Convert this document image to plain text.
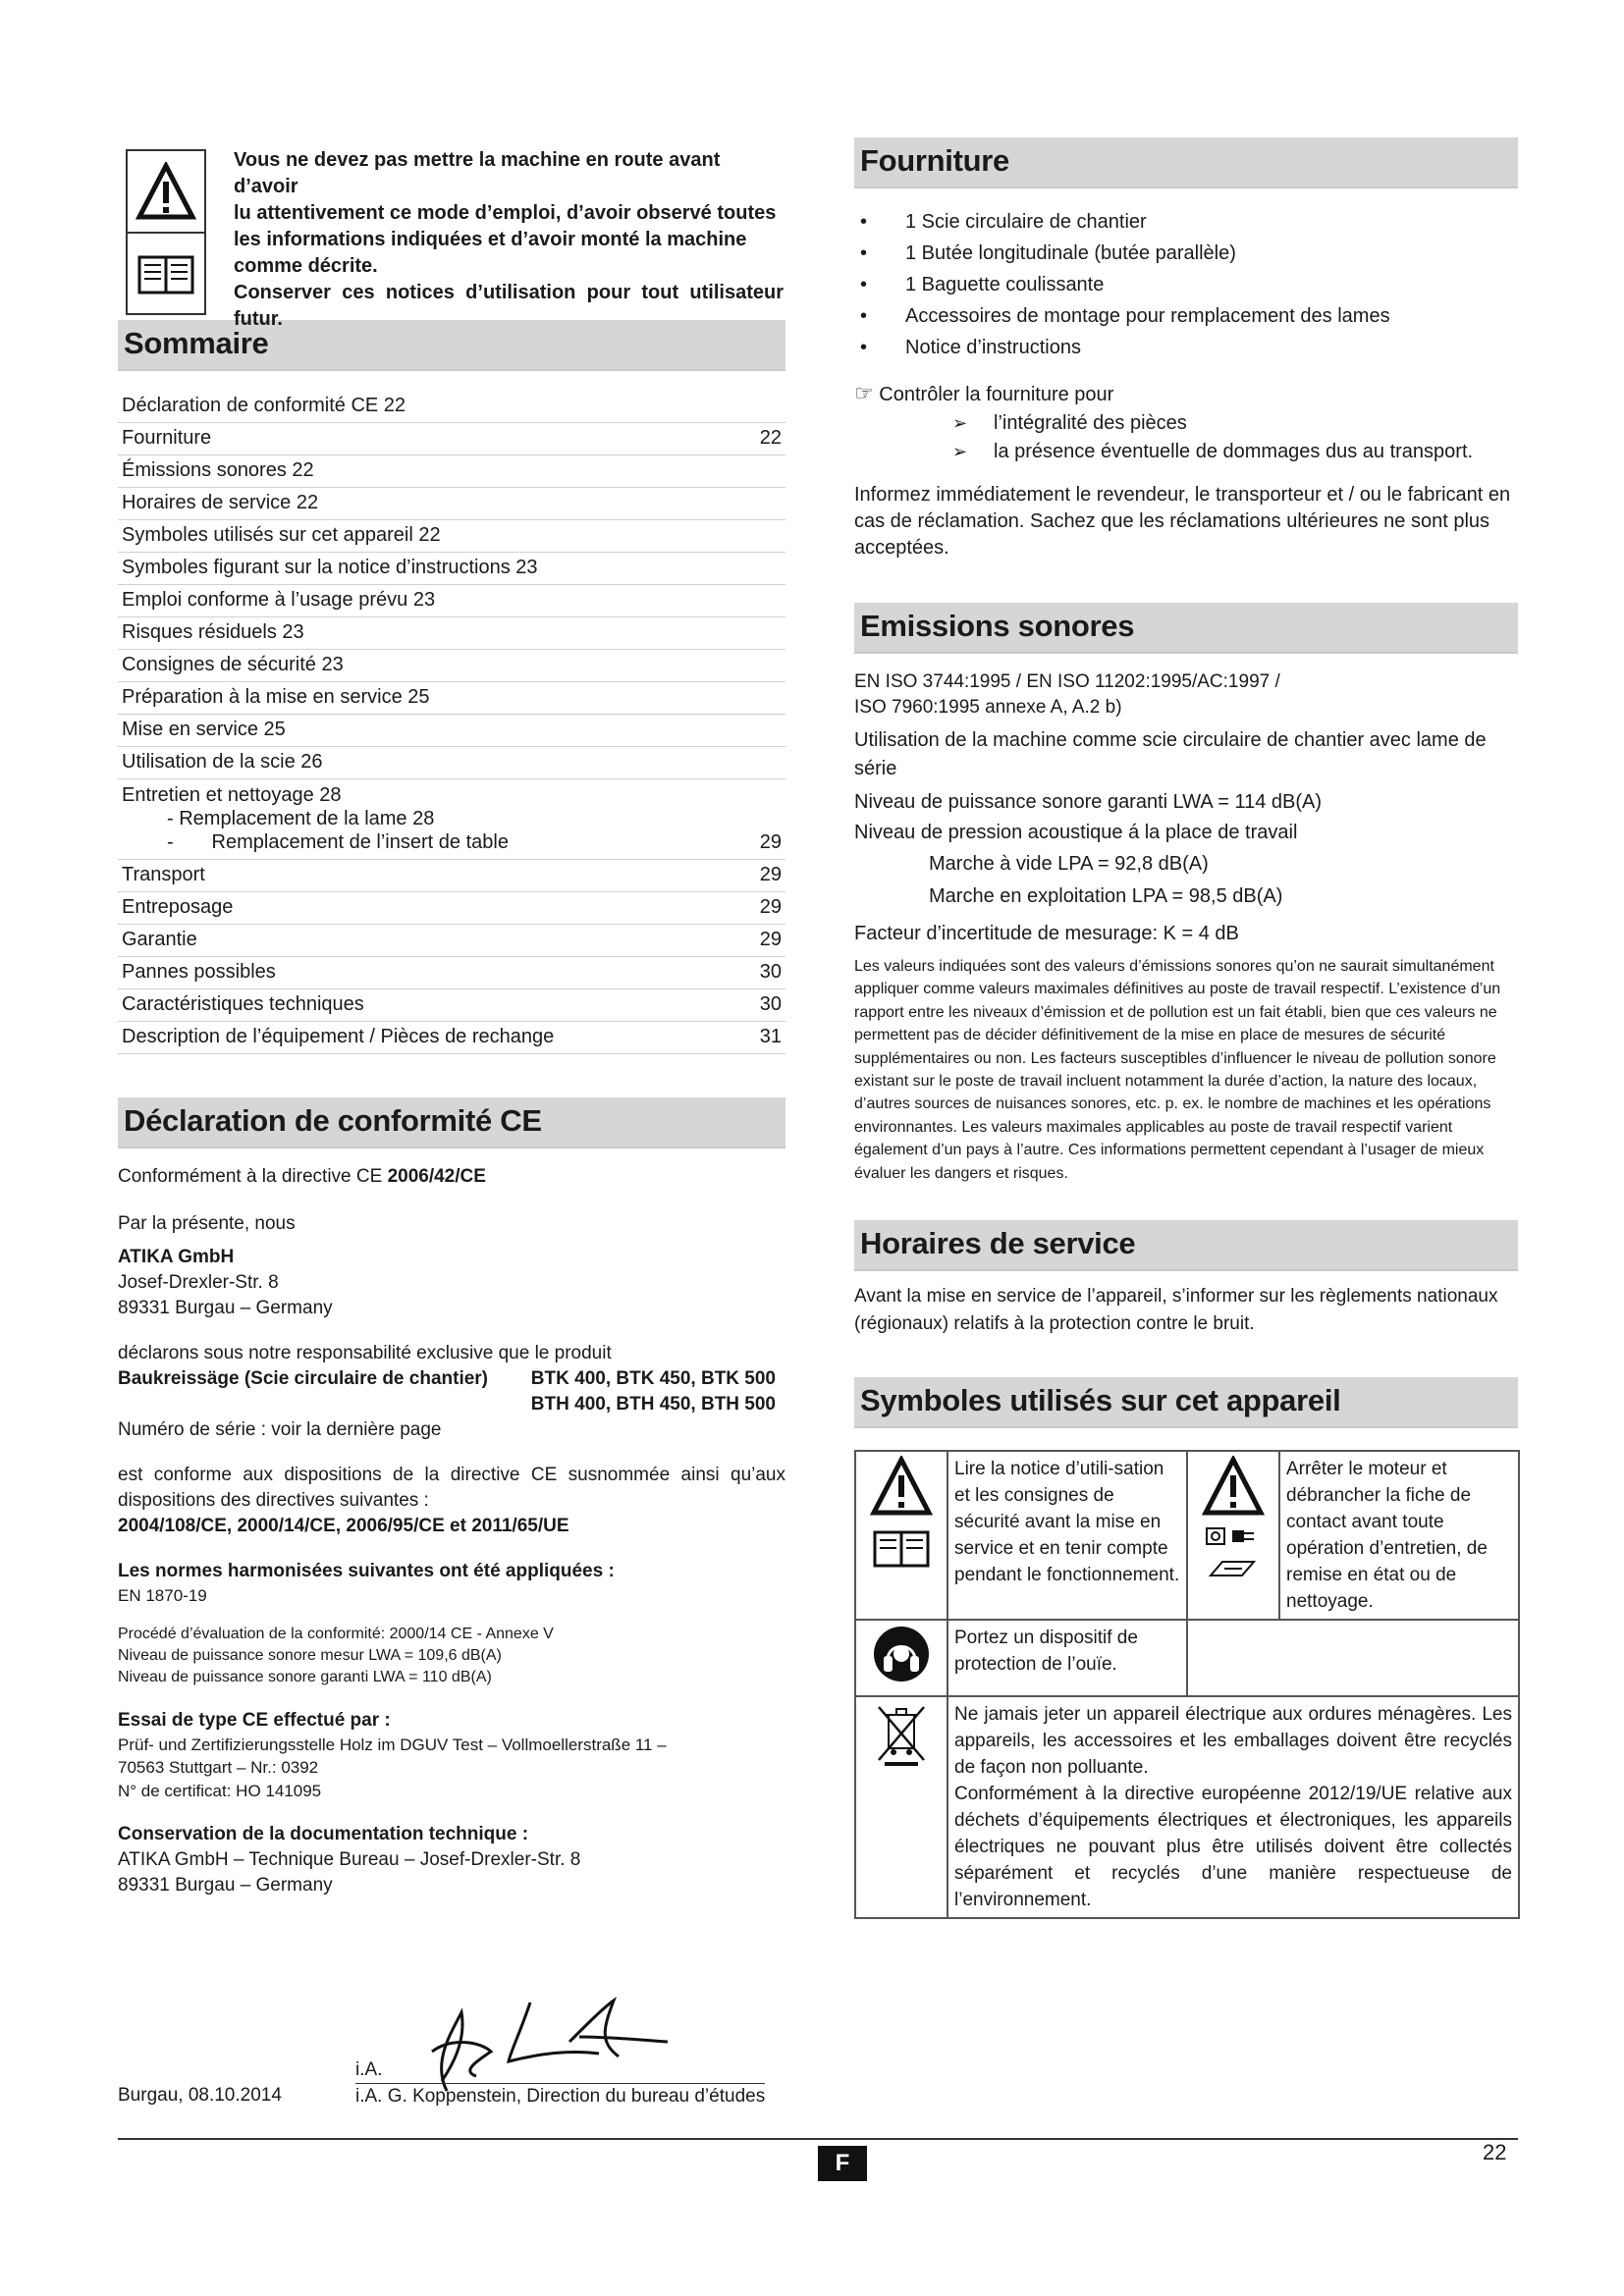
Vous ne devez pas mettre la machine en route avant d’avoir
lu attentivement ce mode d’emploi, d’avoir observé toutes
les informations indiquées et d’avoir monté la machine
comme décrite.
Conserver ces notices d’utilisation pour tout utilisateur
futur.
Sommaire
Déclaration de conformité CE 22
Fourniture	22
Émissions sonores 22
Horaires de service 22
Symboles utilisés sur cet appareil 22
Symboles figurant sur la notice d’instructions 23
Emploi conforme à l’usage prévu 23
Risques résiduels 23
Consignes de sécurité 23
Préparation à la mise en service 25
Mise en service 25
Utilisation de la scie 26
Entretien et nettoyage 28
- Remplacement de la lame 28
-       Remplacement de l’insert de table	29
Transport	29
Entreposage	29
Garantie	29
Pannes possibles	30
Caractéristiques techniques	30
Description de l’équipement / Pièces de rechange	31
Déclaration de conformité CE

Conformément à la directive CE 2006/42/CE

Par la présente, nous

ATIKA GmbH

Josef-Drexler-Str. 8

89331 Burgau – Germany

déclarons sous notre responsabilité exclusive que le produit

Baukreissäge (Scie circulaire de chantier) BTK 400, BTK 450, BTK 500
BTH 400, BTH 450, BTH 500

Numéro de série : voir la dernière page

est conforme aux dispositions de la directive CE susnommée ainsi qu’aux dispositions des directives suivantes :

2004/108/CE, 2000/14/CE, 2006/95/CE et 2011/65/UE

Les normes harmonisées suivantes ont été appliquées :

EN 1870-19

Procédé d’évaluation de la conformité: 2000/14 CE - Annexe V

Niveau de puissance sonore mesur LWA = 109,6 dB(A)

Niveau de puissance sonore garanti LWA = 110 dB(A)

Essai de type CE effectué par :

Prüf- und Zertifizierungsstelle Holz im DGUV Test – Vollmoellerstraße 11 –

70563 Stuttgart – Nr.: 0392

N° de certificat: HO 141095

Conservation de la documentation technique :

ATIKA GmbH – Technique Bureau – Josef-Drexler-Str. 8

89331 Burgau – Germany

i.A.
Burgau, 08.10.2014	i.A. G. Koppenstein, Direction du bureau d’études
Fourniture
• 1 Scie circulaire de chantier
• 1 Butée longitudinale (butée parallèle)
• 1 Baguette coulissante
• Accessoires de montage pour remplacement des lames
• Notice d’instructions
☞ Contrôler la fourniture pour
➢ l’intégralité des pièces
➢ la présence éventuelle de dommages dus au transport.

Informez immédiatement le revendeur, le transporteur et / ou le fabricant en cas de réclamation. Sachez que les réclamations ultérieures ne sont plus acceptées.

Emissions sonores

EN ISO 3744:1995 / EN ISO 11202:1995/AC:1997 /

ISO 7960:1995 annexe A, A.2 b)

Utilisation de la machine comme scie circulaire de chantier avec lame de série

Niveau de puissance sonore garanti LWA = 114 dB(A)

Niveau de pression acoustique á la place de travail

Marche à vide LPA = 92,8 dB(A)

Marche en exploitation LPA = 98,5 dB(A)

Facteur d’incertitude de mesurage: K = 4 dB

Les valeurs indiquées sont des valeurs d’émissions sonores qu’on ne saurait simultanément appliquer comme valeurs maximales définitives au poste de travail respectif. L’existence d’un rapport entre les niveaux d’émission et de pollution est un fait établi, bien que ces valeurs ne permettent pas de décider définitivement de la mise en place de mesures de sécurité supplémentaires ou non. Les facteurs susceptibles d’influencer le niveau de pollution sonore existant sur le poste de travail incluent notamment la durée d’action, la nature des locaux, d’autres sources de nuisances sonores, etc. p. ex. le nombre de machines et les opérations environnantes. Les valeurs maximales applicables au poste de travail respectif varient également d’un pays à l’autre. Ces informations permettent cependant à l’usager de mieux évaluer les dangers et risques.

Horaires de service

Avant la mise en service de l’appareil, s’informer sur les règlements nationaux (régionaux) relatifs à la protection contre le bruit.

Symboles utilisés sur cet appareil
	Lire la notice d’utili-sation et les consignes de sécurité avant la mise en service et en tenir compte pendant le fonctionnement.		Arrêter le moteur et débrancher la fiche de contact avant toute opération d’entretien, de remise en état ou de nettoyage.
	Portez un dispositif de protection de l’ouïe.		

Ne jamais jeter un appareil électrique aux ordures ménagères. Les appareils, les accessoires et les emballages doivent être recyclés de façon non polluante.
Conformément à la directive européenne 2012/19/UE relative aux déchets d’équipements électriques et électroniques, les appareils électriques ne pouvant plus être utilisés doivent être collectés séparément et recyclés d’une manière respectueuse de l’environnement.		
F	22
